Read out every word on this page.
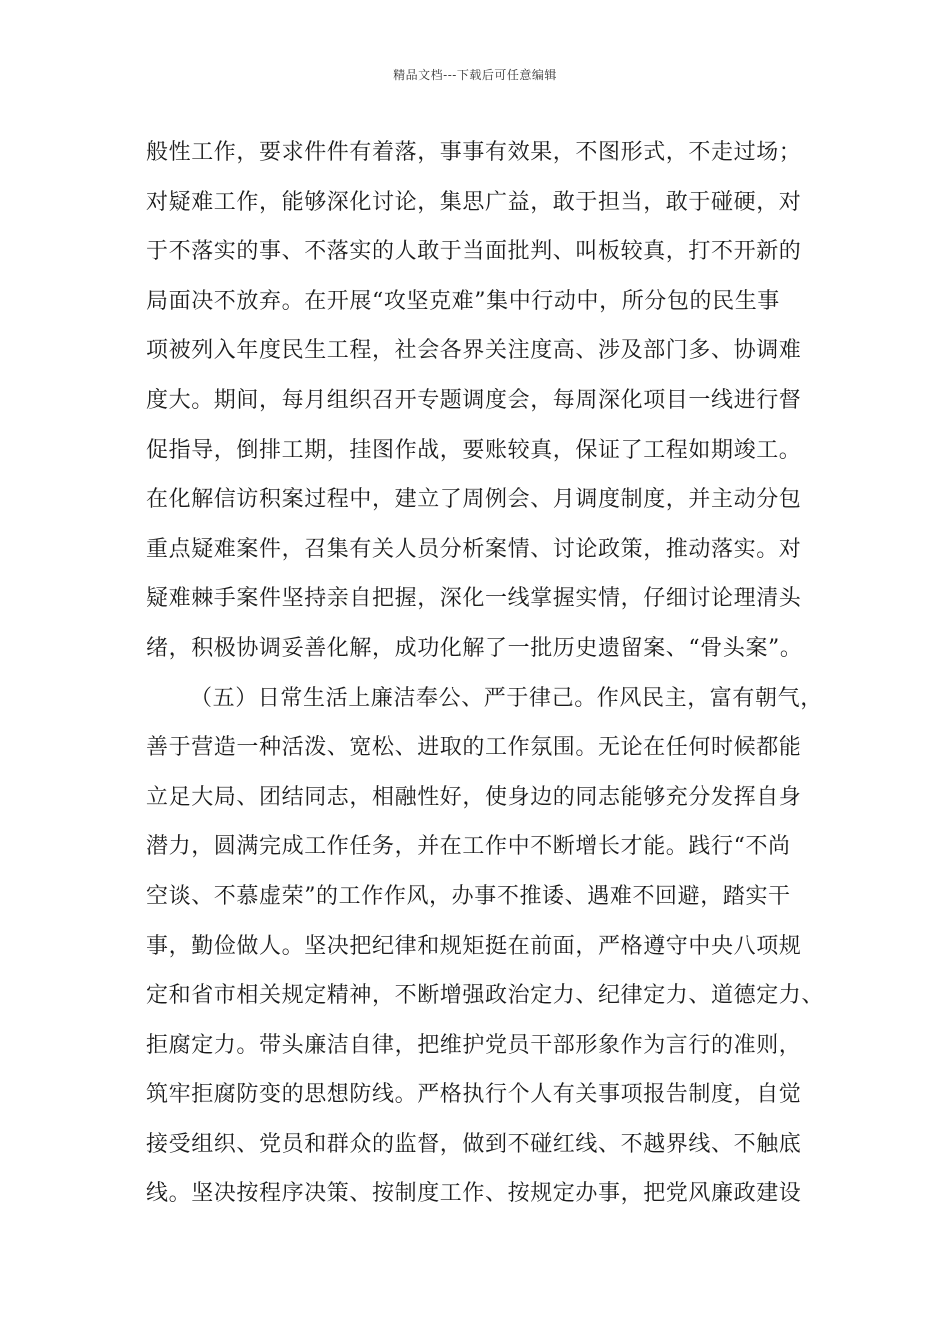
精品文档---下载后可任意编辑
般性工作，要求件件有着落，事事有效果，不图形式，不走过场；
对疑难工作，能够深化讨论，集思广益，敢于担当，敢于碰硬，对
于不落实的事、不落实的人敢于当面批判、叫板较真，打不开新的
局面决不放弃。在开展“攻坚克难”集中行动中，所分包的民生事
项被列入年度民生工程，社会各界关注度高、涉及部门多、协调难
度大。期间，每月组织召开专题调度会，每周深化项目一线进行督
促指导，倒排工期，挂图作战，要账较真，保证了工程如期竣工。
在化解信访积案过程中，建立了周例会、月调度制度，并主动分包
重点疑难案件，召集有关人员分析案情、讨论政策，推动落实。对
疑难棘手案件坚持亲自把握，深化一线掌握实情，仔细讨论理清头
绪，积极协调妥善化解，成功化解了一批历史遗留案、“骨头案”。
（五）日常生活上廉洁奉公、严于律己。作风民主，富有朝气，
善于营造一种活泼、宽松、进取的工作氛围。无论在任何时候都能
立足大局、团结同志，相融性好，使身边的同志能够充分发挥自身
潜力，圆满完成工作任务，并在工作中不断增长才能。践行“不尚
空谈、不慕虚荣”的工作作风，办事不推诿、遇难不回避，踏实干
事，勤俭做人。坚决把纪律和规矩挺在前面，严格遵守中央八项规
定和省市相关规定精神，不断增强政治定力、纪律定力、道德定力、
拒腐定力。带头廉洁自律，把维护党员干部形象作为言行的准则，
筑牢拒腐防变的思想防线。严格执行个人有关事项报告制度，自觉
接受组织、党员和群众的监督，做到不碰红线、不越界线、不触底
线。坚决按程序决策、按制度工作、按规定办事，把党风廉政建设
